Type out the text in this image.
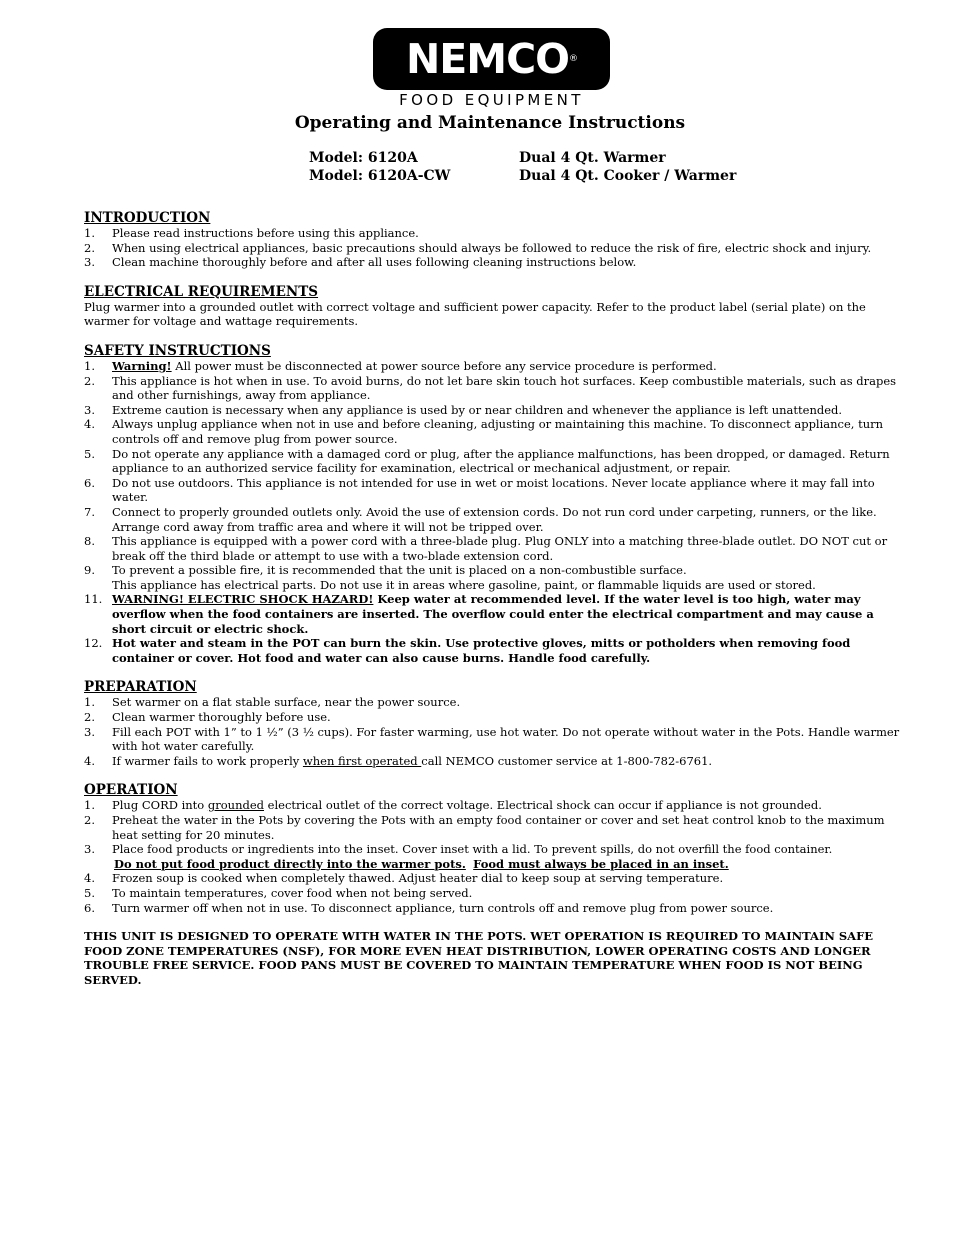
NEMCO®
FOOD EQUIPMENT
Operating and Maintenance Instructions
Model: 6120A	Dual 4 Qt. Warmer
Model: 6120A-CW	Dual 4 Qt. Cooker / Warmer

INTRODUCTION

1.	Please read instructions before using this appliance.
2.	When using electrical appliances, basic precautions should always be followed to reduce the risk of fire, electric shock and injury.
3.	Clean machine thoroughly before and after all uses following cleaning instructions below.

ELECTRICAL REQUIREMENTS

Plug warmer into a grounded outlet with correct voltage and sufficient power capacity. Refer to the product label (serial plate) on the warmer for voltage and wattage requirements.

SAFETY INSTRUCTIONS

1.	Warning! All power must be disconnected at power source before any service procedure is performed.
2.	This appliance is hot when in use. To avoid burns, do not let bare skin touch hot surfaces. Keep combustible materials, such as drapes and other furnishings, away from appliance.
3.	Extreme caution is necessary when any appliance is used by or near children and whenever the appliance is left unattended.
4.	Always unplug appliance when not in use and before cleaning, adjusting or maintaining this machine. To disconnect appliance, turn controls off and remove plug from power source.
5.	Do not operate any appliance with a damaged cord or plug, after the appliance malfunctions, has been dropped, or damaged. Return appliance to an authorized service facility for examination, electrical or mechanical adjustment, or repair.
6.	Do not use outdoors. This appliance is not intended for use in wet or moist locations. Never locate appliance where it may fall into water.
7.	Connect to properly grounded outlets only. Avoid the use of extension cords. Do not run cord under carpeting, runners, or the like. Arrange cord away from traffic area and where it will not be tripped over.
8.	This appliance is equipped with a power cord with a three-blade plug. Plug ONLY into a matching three-blade outlet. DO NOT cut or break off the third blade or attempt to use with a two-blade extension cord.
9.	To prevent a possible fire, it is recommended that the unit is placed on a non-combustible surface.
This appliance has electrical parts. Do not use it in areas where gasoline, paint, or flammable liquids are used or stored.
11. WARNING! ELECTRIC SHOCK HAZARD! Keep water at recommended level. If the water level is too high, water may overflow when the food containers are inserted. The overflow could enter the electrical compartment and may cause a short circuit or electric shock.
12. Hot water and steam in the POT can burn the skin. Use protective gloves, mitts or potholders when removing food container or cover. Hot food and water can also cause burns. Handle food carefully.

PREPARATION

1.	Set warmer on a flat stable surface, near the power source.
2.	Clean warmer thoroughly before use.
3.	Fill each POT with 1” to 1 ½” (3 ½ cups). For faster warming, use hot water. Do not operate without water in the Pots. Handle warmer with hot water carefully.
4.	If warmer fails to work properly when first operated call NEMCO customer service at 1-800-782-6761.

OPERATION

1.	Plug CORD into grounded electrical outlet of the correct voltage. Electrical shock can occur if appliance is not grounded.
2.	Preheat the water in the Pots by covering the Pots with an empty food container or cover and set heat control knob to the maximum heat setting for 20 minutes.
3.	Place food products or ingredients into the inset. Cover inset with a lid. To prevent spills, do not overfill the food container.
Do not put food product directly into the warmer pots. Food must always be placed in an inset.
4.	Frozen soup is cooked when completely thawed. Adjust heater dial to keep soup at serving temperature.
5.	To maintain temperatures, cover food when not being served.
6.	Turn warmer off when not in use. To disconnect appliance, turn controls off and remove plug from power source.
THIS UNIT IS DESIGNED TO OPERATE WITH WATER IN THE POTS. WET OPERATION IS REQUIRED TO MAINTAIN SAFE FOOD ZONE TEMPERATURES (NSF), FOR MORE EVEN HEAT DISTRIBUTION, LOWER OPERATING COSTS AND LONGER TROUBLE FREE SERVICE. FOOD PANS MUST BE COVERED TO MAINTAIN TEMPERATURE WHEN FOOD IS NOT BEING SERVED.
